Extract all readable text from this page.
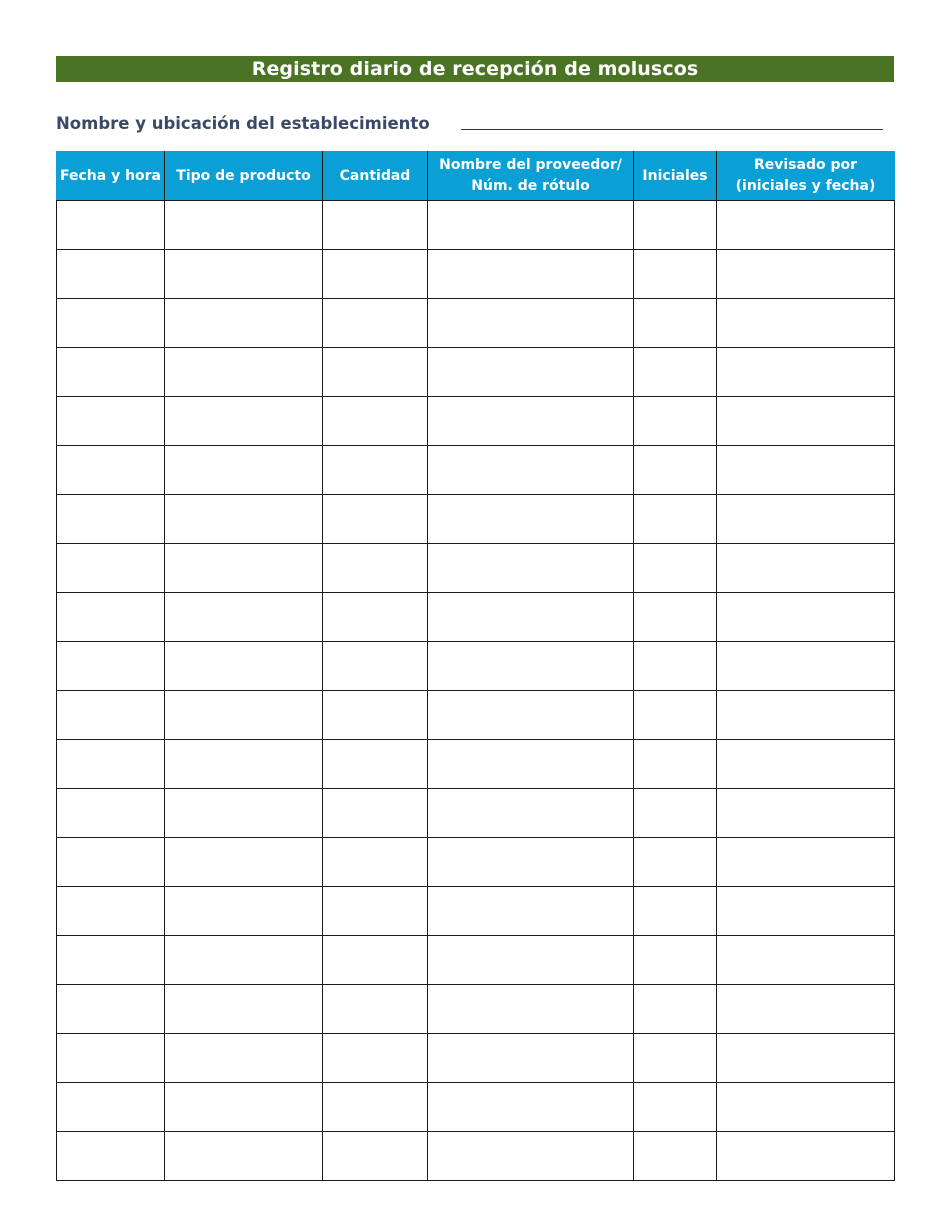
Registro diario de recepción de moluscos
Nombre y ubicación del establecimiento
Fecha y hora	Tipo de producto	Cantidad	Nombre del proveedor/ Núm. de rótulo	Iniciales	Revisado por (iniciales y fecha)
